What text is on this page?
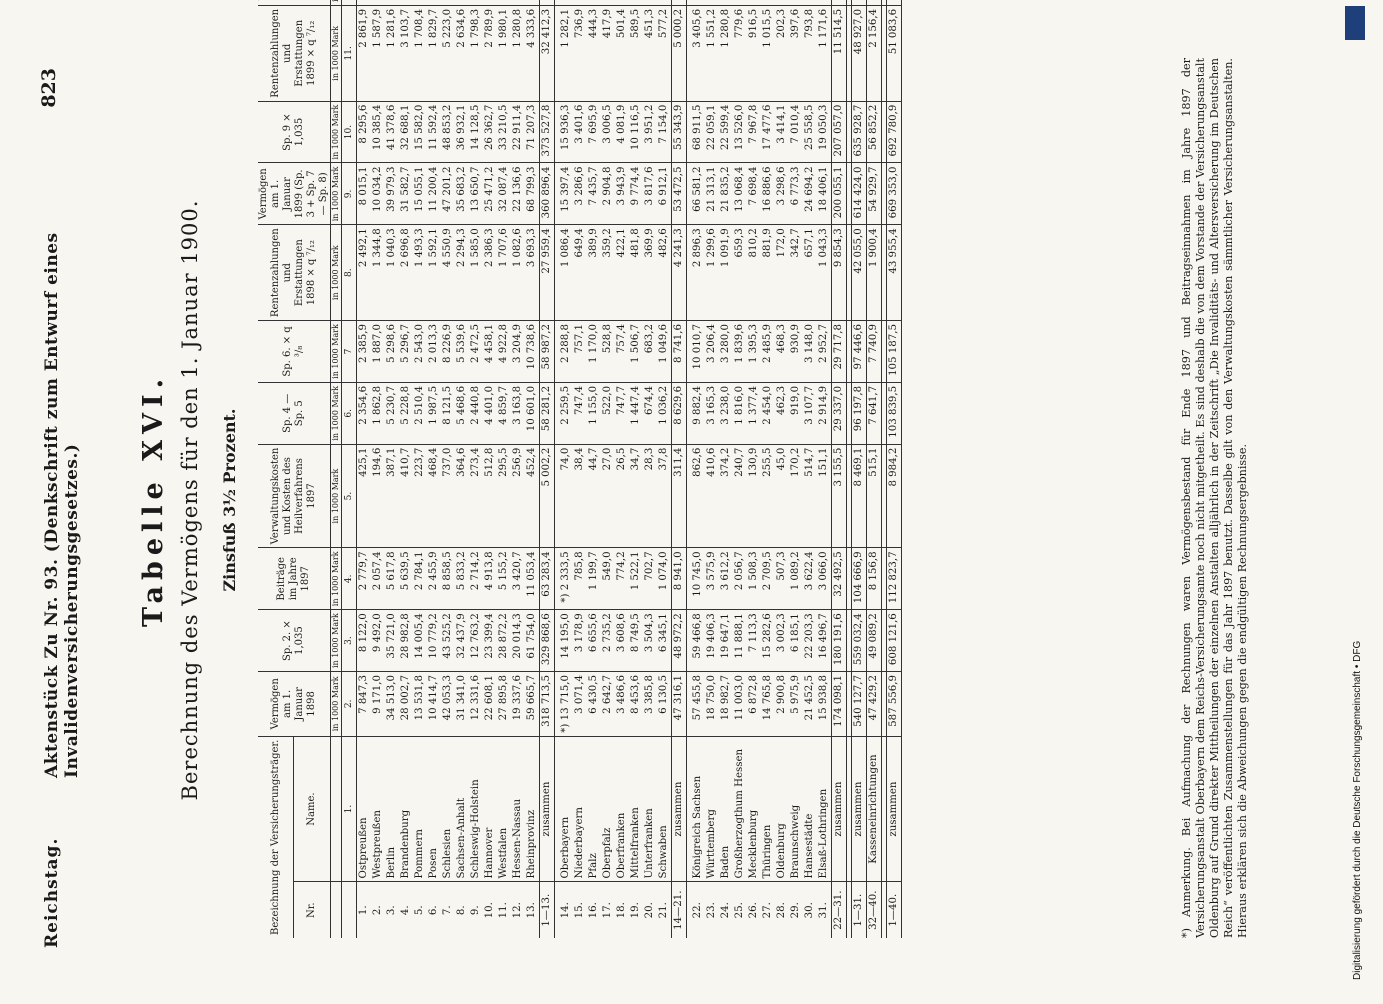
Reichstag.
Aktenstück Zu Nr. 93. (Denkschrift zum Entwurf eines Invalidenversicherungsgesetzes.)
823
Tabelle XVI. Berechnung des Vermögens für den 1. Januar 1900. Zinsfuß 3½ Prozent.
Bezeichnung der Versicherungsträger.		Vermögen am 1. Januar 1898	Sp. 2. × 1,035	Beiträge im Jahre 1897	Verwaltungskosten und Kosten des Heilverfahrens 1897	Sp. 4 — Sp. 5	Sp. 6. × q ³/₈	Rentenzahlungen und Erstattungen 1898 × q ⁷/₁₂	Vermögen am 1. Januar 1899 (Sp. 3 + Sp. 7 — Sp. 8)	Sp. 9 × 1,035	Rentenzahlungen und Erstattungen 1899 × q ⁷/₁₂	
Nr.	Name.											
		in 1000 Mark	in 1000 Mark	in 1000 Mark	in 1000 Mark	in 1000 Mark	in 1000 Mark	in 1000 Mark	in 1000 Mark	in 1000 Mark	in 1000 Mark	
	1.	2.	3.	4.	5.	6.	7	8.	9.	10.	11.	
1.	Ostpreußen	7 847,3	8 122,0	2 779,7	425,1	2 354,6	2 385,9	2 492,1	8 015,1	8 295,6	2 861,9	
2.	Westpreußen	9 171,0	9 492,0	2 057,4	194,6	1 862,8	1 887,0	1 344,8	10 034,2	10 385,4	1 587,9	
3.	Berlin	34 513,0	35 721,0	5 617,8	387,1	5 230,7	5 298,6	1 040,3	39 979,3	41 378,6	1 281,6	
4.	Brandenburg	28 002,7	28 982,8	5 639,5	410,7	5 228,8	5 296,7	2 696,8	31 582,7	32 688,1	3 103,7	
5.	Pommern	13 531,8	14 005,4	2 784,1	223,7	2 510,4	2 543,0	1 493,3	15 055,1	15 582,0	1 708,4	
6.	Posen	10 414,7	10 779,2	2 455,9	468,4	1 987,5	2 013,3	1 592,1	11 200,4	11 592,4	1 829,7	
7.	Schlesien	42 053,3	43 525,2	8 858,5	737,0	8 121,5	8 226,9	4 550,9	47 201,2	48 853,2	5 223,0	
8.	Sachsen-Anhalt	31 341,0	32 437,9	5 833,2	364,6	5 468,6	5 539,6	2 294,3	35 683,2	36 932,1	2 634,6	
9.	Schleswig-Holstein	12 331,6	12 763,2	2 714,2	273,4	2 440,8	2 472,5	1 585,0	13 650,7	14 128,5	1 798,3	
10.	Hannover	22 608,1	23 399,4	4 913,8	512,8	4 401,0	4 458,1	2 386,3	25 471,2	26 362,7	2 789,9	
11.	Westfalen	27 895,8	28 872,2	5 155,2	295,5	4 859,7	4 922,8	1 707,6	32 087,4	33 210,5	1 980,1	
12.	Hessen-Nassau	19 337,6	20 014,3	3 420,7	256,9	3 163,8	3 204,9	1 082,6	22 136,6	22 911,4	1 280,8	
13.	Rheinprovinz	59 665,7	61 754,0	11 053,4	452,4	10 601,0	10 738,6	3 693,3	68 799,3	71 207,3	4 333,6	
1—13.	zusammen	318 713,5	329 868,6	63 283,4	5 002,2	58 281,2	58 987,2	27 959,4	360 896,4	373 527,8	32 412,3	

14.	Oberbayern	*) 13 715,0	14 195,0	*) 2 333,5	74,0	2 259,5	2 288,8	1 086,4	15 397,4	15 936,3	1 282,1	
15.	Niederbayern	3 071,4	3 178,9	785,8	38,4	747,4	757,1	649,4	3 286,6	3 401,6	736,9	
16.	Pfalz	6 430,5	6 655,6	1 199,7	44,7	1 155,0	1 170,0	389,9	7 435,7	7 695,9	444,3	
17.	Oberpfalz	2 642,7	2 735,2	549,0	27,0	522,0	528,8	359,2	2 904,8	3 006,5	417,9	
18.	Oberfranken	3 486,6	3 608,6	774,2	26,5	747,7	757,4	422,1	3 943,9	4 081,9	501,4	
19.	Mittelfranken	8 453,6	8 749,5	1 522,1	34,7	1 447,4	1 506,7	481,8	9 774,4	10 116,5	589,5	
20.	Unterfranken	3 385,8	3 504,3	702,7	28,3	674,4	683,2	369,9	3 817,6	3 951,2	451,3	
21.	Schwaben	6 130,5	6 345,1	1 074,0	37,8	1 036,2	1 049,6	482,6	6 912,1	7 154,0	577,2	
14—21.	zusammen	47 316,1	48 972,2	8 941,0	311,4	8 629,6	8 741,6	4 241,3	53 472,5	55 343,9	5 000,2	

22.	Königreich Sachsen	57 455,8	59 466,8	10 745,0	862,6	9 882,4	10 010,7	2 896,3	66 581,2	68 911,5	3 405,6	
23.	Württemberg	18 750,0	19 406,3	3 575,9	410,6	3 165,3	3 206,4	1 299,6	21 313,1	22 059,1	1 551,2	
24.	Baden	18 982,7	19 647,1	3 612,2	374,2	3 238,0	3 280,0	1 091,9	21 835,2	22 599,4	1 280,8	
25.	Großherzogthum Hessen	11 003,0	11 888,1	2 056,7	240,7	1 816,0	1 839,6	659,3	13 068,4	13 526,0	779,6	
26.	Mecklenburg	6 872,8	7 113,3	1 508,3	130,9	1 377,4	1 395,3	810,2	7 698,4	7 967,8	916,5	
27.	Thüringen	14 765,8	15 282,6	2 709,5	255,5	2 454,0	2 485,9	881,9	16 886,6	17 477,6	1 015,5	
28.	Oldenburg	2 900,8	3 002,3	507,3	45,0	462,3	468,3	172,0	3 298,6	3 414,1	202,3	
29.	Braunschweig	5 975,9	6 185,1	1 089,2	170,2	919,0	930,9	342,7	6 773,3	7 010,4	397,6	
30.	Hansestädte	21 452,5	22 203,3	3 622,4	514,7	3 107,7	3 148,0	657,1	24 694,2	25 558,5	793,8	
31.	Elsaß-Lothringen	15 938,8	16 496,7	3 066,0	151,1	2 914,9	2 952,7	1 043,3	18 406,1	19 050,3	1 171,6	
22—31.	zusammen	174 098,1	180 191,6	32 492,5	3 155,5	29 337,0	29 717,8	9 854,3	200 055,1	207 057,0	11 514,5	

1—31.	zusammen	540 127,7	559 032,4	104 666,9	8 469,1	96 197,8	97 446,6	42 055,0	614 424,0	635 928,7	48 927,0	
32—40.	Kasseneinrichtungen	47 429,2	49 089,2	8 156,8	515,1	7 641,7	7 740,9	1 900,4	54 929,7	56 852,2	2 156,4	

1—40.	zusammen	587 556,9	608 121,6	112 823,7	8 984,2	103 839,5	105 187,5	43 955,4	669 353,0	692 780,9	51 083,6	
*) Anmerkung. Bei Aufmachung der Rechnungen waren Vermögensbestand für Ende 1897 und Beitragseinnahmen im Jahre 1897 der Versicherungsanstalt Oberbayern dem Reichs-Versicherungsamte noch nicht mitgetheilt. Es sind deshalb die von dem Vorstande der Versicherungsanstalt Oldenburg auf Grund direkter Mittheilungen der einzelnen Anstalten alljährlich in der Zeitschrift „Die Invaliditäts- und Altersversicherung im Deutschen Reich“ veröffentlichten Zusammenstellungen für das Jahr 1897 benutzt. Dasselbe gilt von den Verwaltungskosten sämmtlicher Versicherungsanstalten. Hieraus erklären sich die Abweichungen gegen die endgültigen Rechnungsergebnisse.	Digitalisierung gefördert durch die Deutsche Forschungsgemeinschaft • DFG
